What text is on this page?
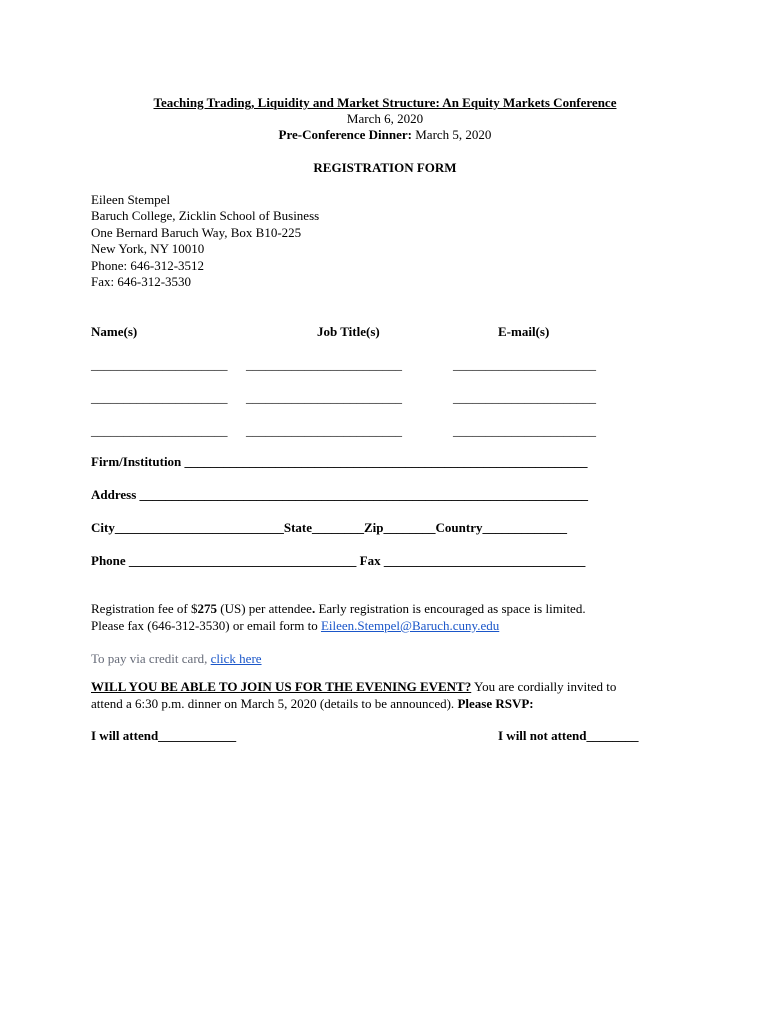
Teaching Trading, Liquidity and Market Structure: An Equity Markets Conference
March 6, 2020
Pre-Conference Dinner: March 5, 2020
REGISTRATION FORM
Eileen Stempel
Baruch College, Zicklin School of Business
One Bernard Baruch Way, Box B10-225
New York, NY 10010
Phone: 646-312-3512
Fax: 646-312-3530
Name(s)	Job Title(s)	E-mail(s)
_____________________ ________________________	______________________
_____________________ ________________________	______________________
_____________________ ________________________	______________________
Firm/Institution ______________________________________________________________
Address _____________________________________________________________________
City__________________________State________Zip________Country_____________
Phone ___________________________________ Fax _______________________________
Registration fee of $275 (US) per attendee. Early registration is encouraged as space is limited.
Please fax (646-312-3530) or email form to Eileen.Stempel@Baruch.cuny.edu
To pay via credit card, click here
WILL YOU BE ABLE TO JOIN US FOR THE EVENING EVENT? You are cordially invited to
attend a 6:30 p.m. dinner on March 5, 2020 (details to be announced). Please RSVP:
I will attend____________	I will not attend________
